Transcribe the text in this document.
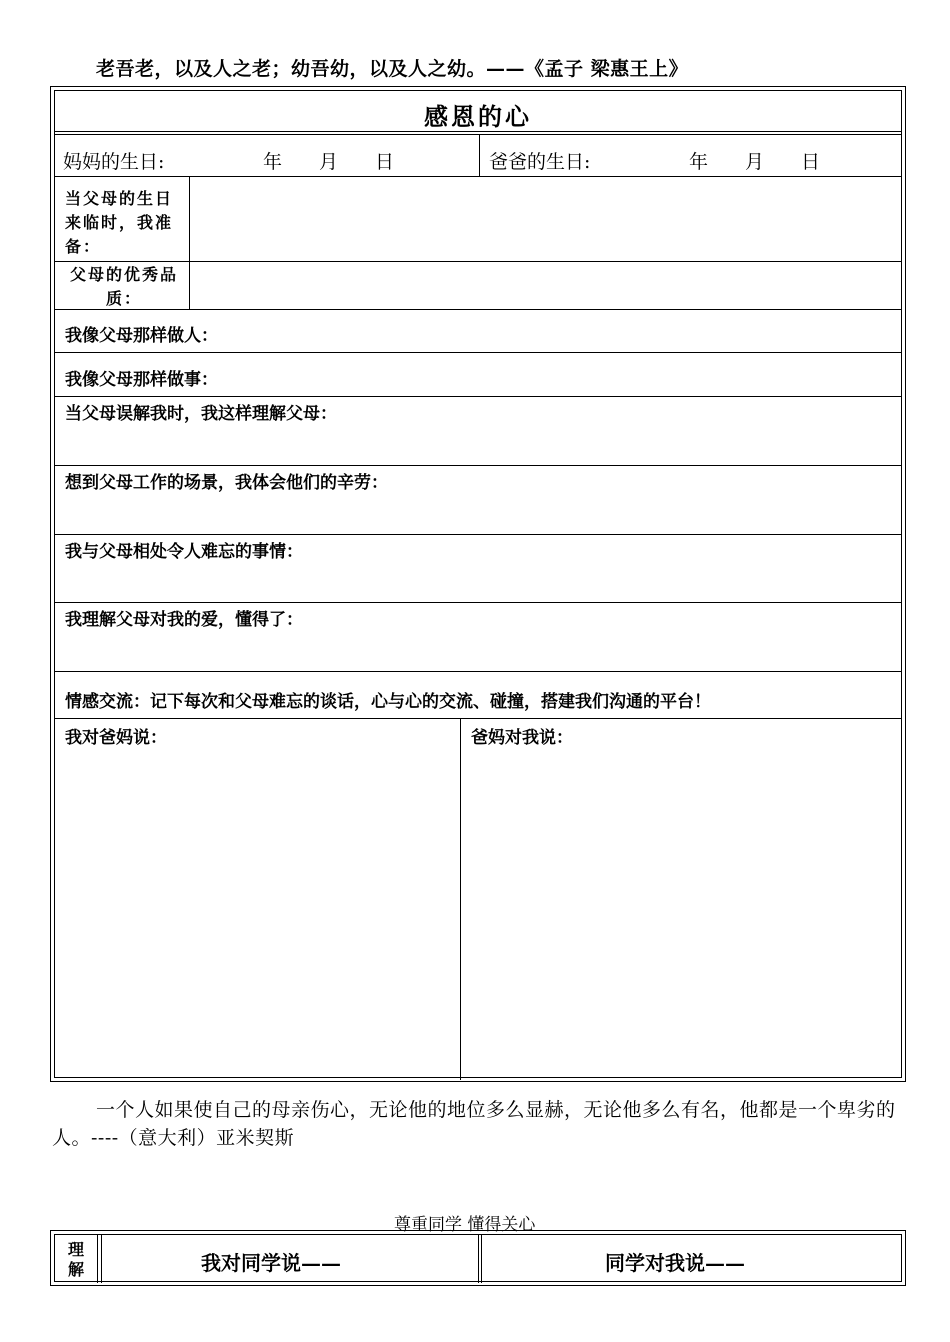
老吾老，以及人之老；幼吾幼，以及人之幼。——《孟子 梁惠王上》
感恩的心
妈妈的生日:	年 月 日	爸爸的生日:	年 月 日
当父母的生日来临时，我准备：
父母的优秀品质：
我像父母那样做人：
我像父母那样做事：
当父母误解我时，我这样理解父母：
想到父母工作的场景，我体会他们的辛劳：
我与父母相处令人难忘的事情：
我理解父母对我的爱，懂得了：
情感交流：记下每次和父母难忘的谈话，心与心的交流、碰撞，搭建我们沟通的平台！
我对爸妈说：	爸妈对我说：
一个人如果使自己的母亲伤心，无论他的地位多么显赫，无论他多么有名，他都是一个卑劣的人。----（意大利）亚米契斯
尊重同学 懂得关心
理解	我对同学说——	同学对我说——
